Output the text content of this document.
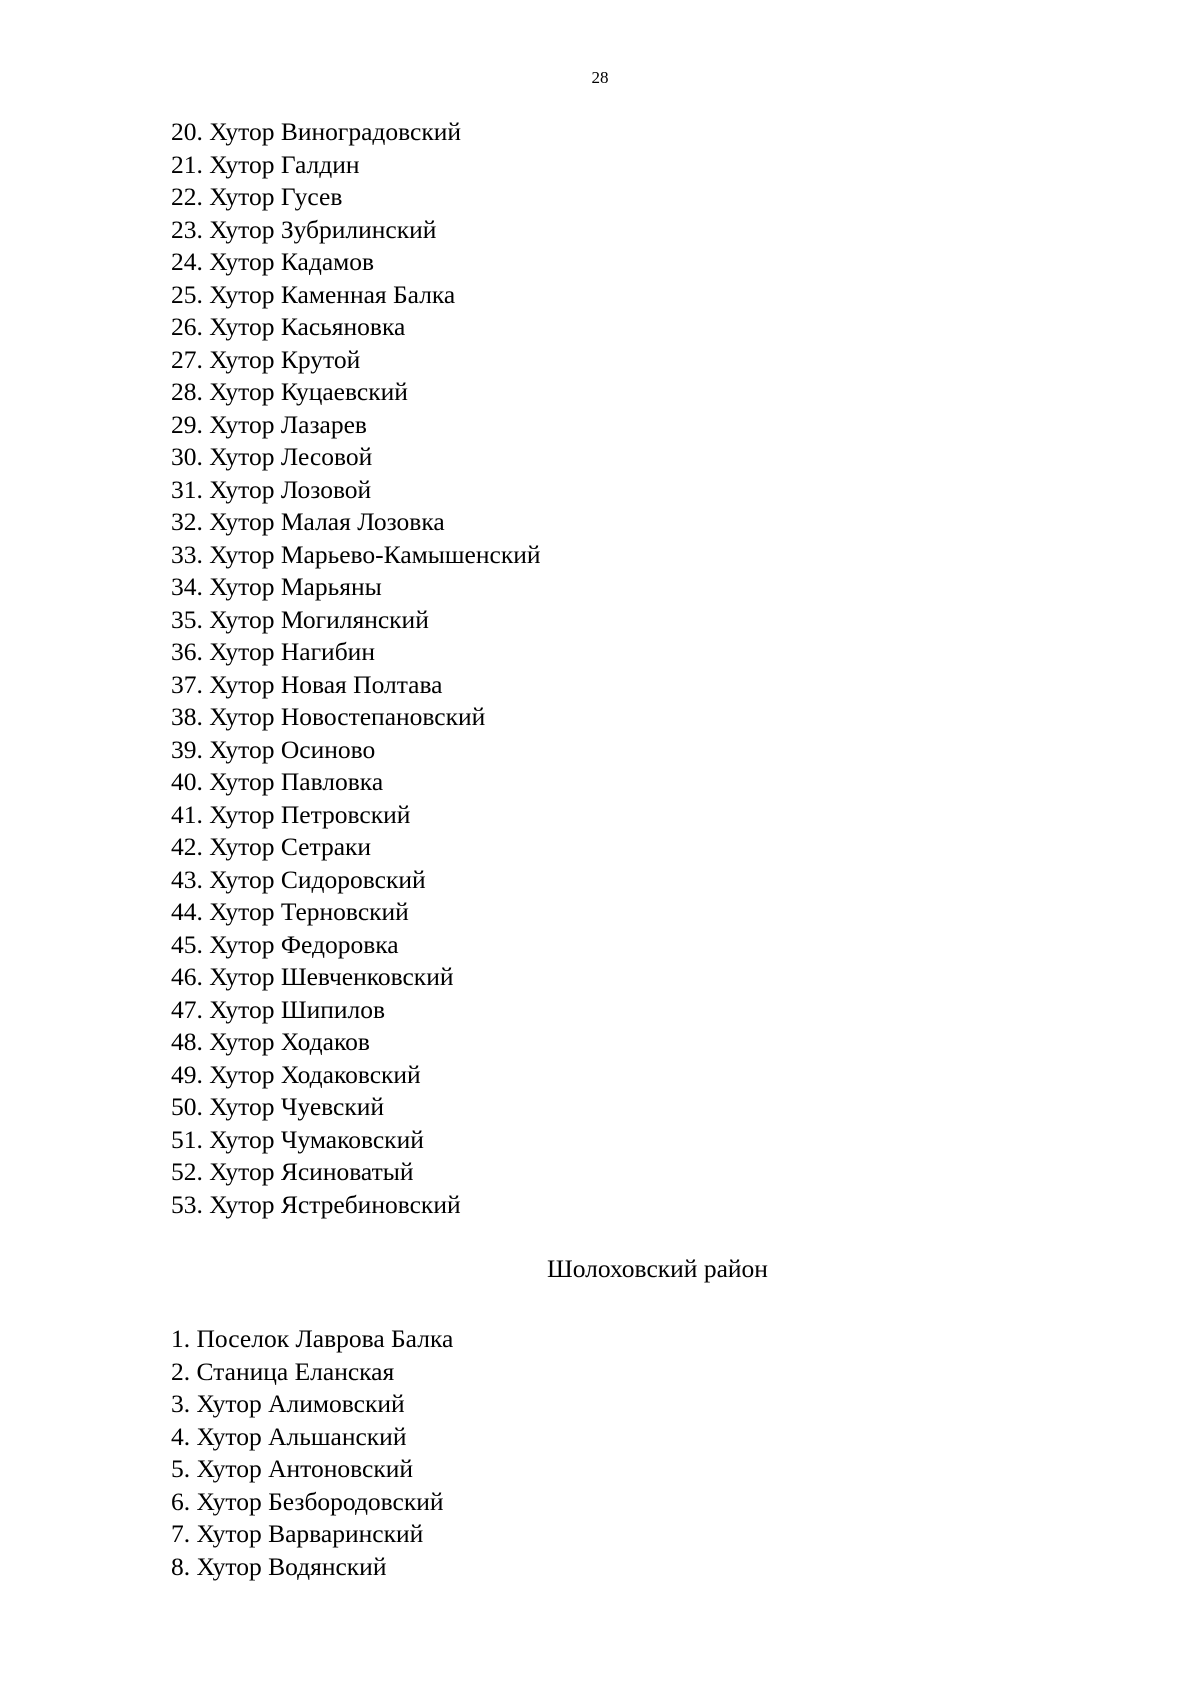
28
20. Хутор Виноградовский
21. Хутор Галдин
22. Хутор Гусев
23. Хутор Зубрилинский
24. Хутор Кадамов
25. Хутор Каменная Балка
26. Хутор Касьяновка
27. Хутор Крутой
28. Хутор Куцаевский
29. Хутор Лазарев
30. Хутор Лесовой
31. Хутор Лозовой
32. Хутор Малая Лозовка
33. Хутор Марьево-Камышенский
34. Хутор Марьяны
35. Хутор Могилянский
36. Хутор Нагибин
37. Хутор Новая Полтава
38. Хутор Новостепановский
39. Хутор Осиново
40. Хутор Павловка
41. Хутор Петровский
42. Хутор Сетраки
43. Хутор Сидоровский
44. Хутор Терновский
45. Хутор Федоровка
46. Хутор Шевченковский
47. Хутор Шипилов
48. Хутор Ходаков
49. Хутор Ходаковский
50. Хутор Чуевский
51. Хутор Чумаковский
52. Хутор Ясиноватый
53. Хутор Ястребиновский
Шолоховский район
1. Поселок Лаврова Балка
2. Станица Еланская
3. Хутор Алимовский
4. Хутор Альшанский
5. Хутор Антоновский
6. Хутор Безбородовский
7. Хутор Варваринский
8. Хутор Водянский
